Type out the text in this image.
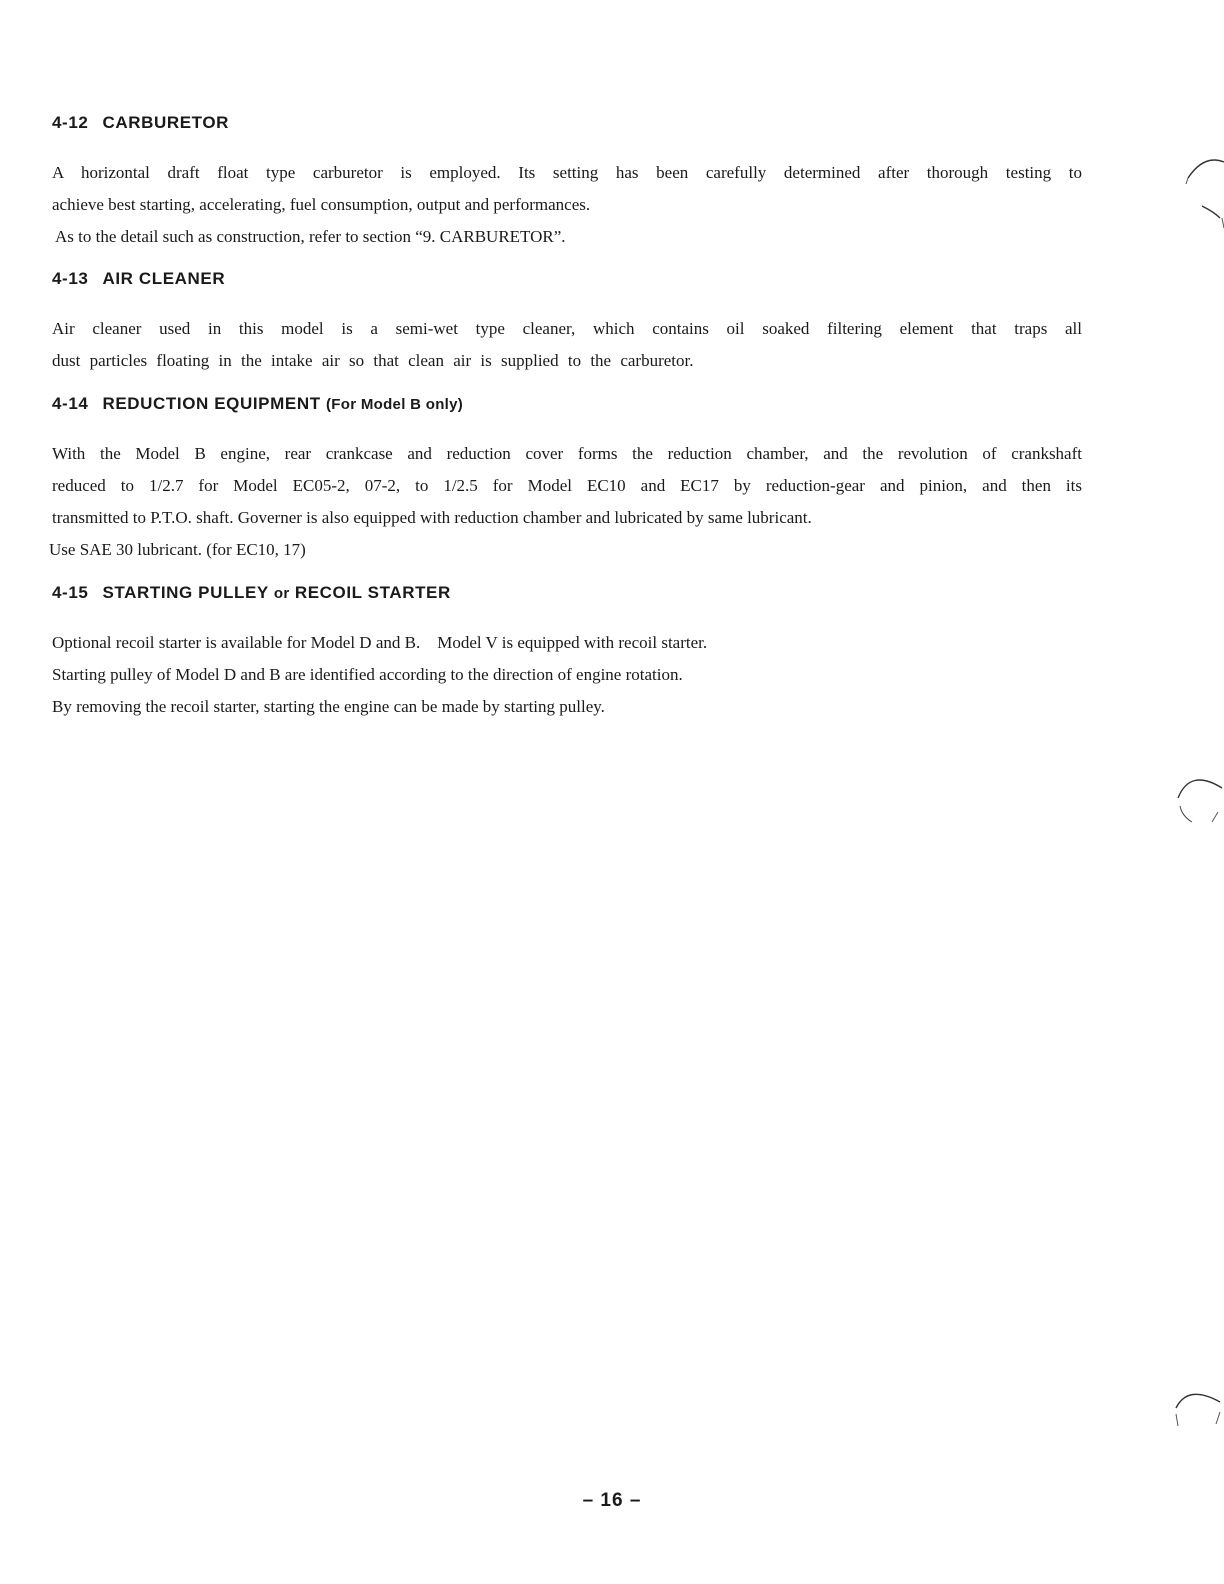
4-12 CARBURETOR
A horizontal draft float type carburetor is employed. Its setting has been carefully determined after thorough testing to
achieve best starting, accelerating, fuel consumption, output and performances.
As to the detail such as construction, refer to section “9. CARBURETOR”.
4-13 AIR CLEANER
Air cleaner used in this model is a semi-wet type cleaner, which contains oil soaked filtering element that traps all
dust particles floating in the intake air so that clean air is supplied to the carburetor.
4-14 REDUCTION EQUIPMENT (For Model B only)
With the Model B engine, rear crankcase and reduction cover forms the reduction chamber, and the revolution of crankshaft
reduced to 1/2.7 for Model EC05-2, 07-2, to 1/2.5 for Model EC10 and EC17 by reduction-gear and pinion, and then its
transmitted to P.T.O. shaft. Governer is also equipped with reduction chamber and lubricated by same lubricant.
Use SAE 30 lubricant. (for EC10, 17)
4-15 STARTING PULLEY or RECOIL STARTER
Optional recoil starter is available for Model D and B.    Model V is equipped with recoil starter.
Starting pulley of Model D and B are identified according to the direction of engine rotation.
By removing the recoil starter, starting the engine can be made by starting pulley.
– 16 –
